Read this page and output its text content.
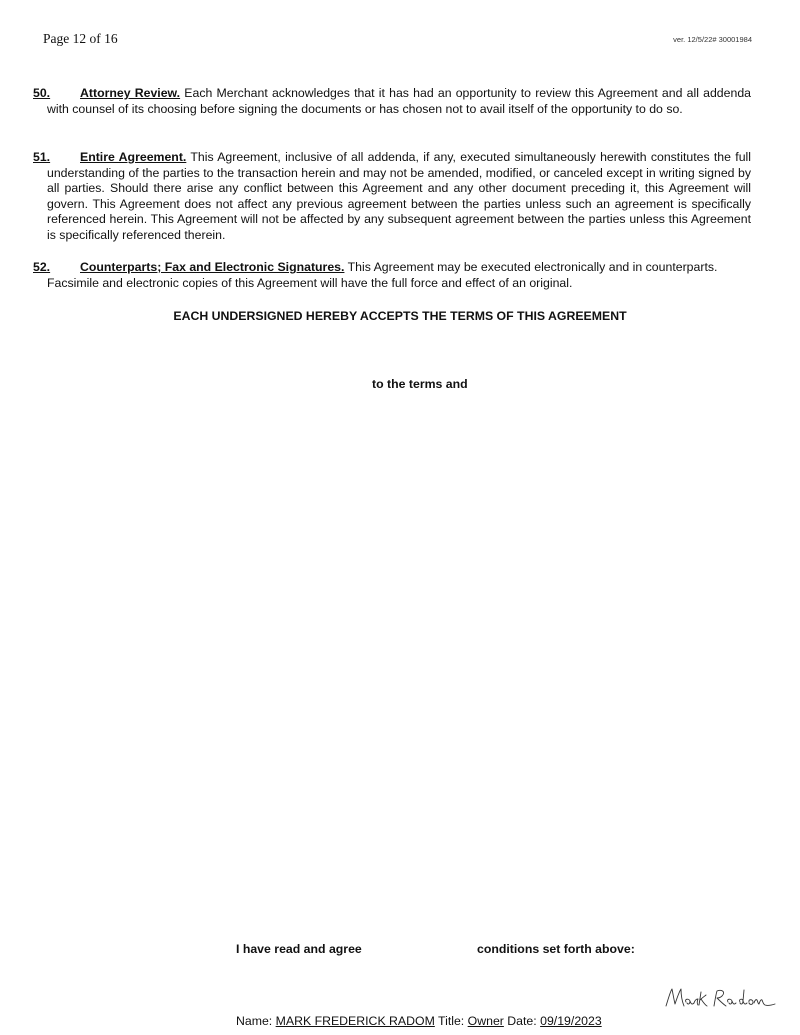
Page 12 of 16	ver. 12/5/22# 30001984
50. Attorney Review. Each Merchant acknowledges that it has had an opportunity to review this Agreement and all addenda with counsel of its choosing before signing the documents or has chosen not to avail itself of the opportunity to do so.
51. Entire Agreement. This Agreement, inclusive of all addenda, if any, executed simultaneously herewith constitutes the full understanding of the parties to the transaction herein and may not be amended, modified, or canceled except in writing signed by all parties. Should there arise any conflict between this Agreement and any other document preceding it, this Agreement will govern. This Agreement does not affect any previous agreement between the parties unless such an agreement is specifically referenced herein. This Agreement will not be affected by any subsequent agreement between the parties unless this Agreement is specifically referenced therein.
52. Counterparts; Fax and Electronic Signatures. This Agreement may be executed electronically and in counterparts. Facsimile and electronic copies of this Agreement will have the full force and effect of an original.
EACH UNDERSIGNED HEREBY ACCEPTS THE TERMS OF THIS AGREEMENT
to the terms and
I have read and agree	conditions set forth above:
Name: MARK FREDERICK RADOM Title: Owner Date: 09/19/2023
